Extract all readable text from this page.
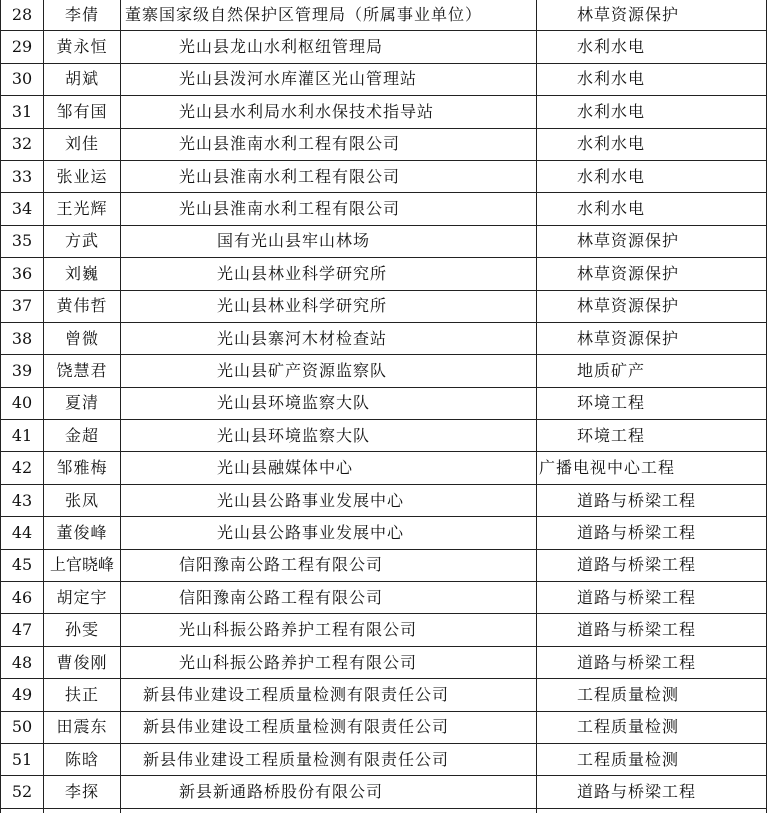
28	李倩	董寨国家级自然保护区管理局（所属事业单位）	林草资源保护
29	黄永恒	光山县龙山水利枢纽管理局	水利水电
30	胡斌	光山县泼河水库灌区光山管理站	水利水电
31	邹有国	光山县水利局水利水保技术指导站	水利水电
32	刘佳	光山县淮南水利工程有限公司	水利水电
33	张业运	光山县淮南水利工程有限公司	水利水电
34	王光辉	光山县淮南水利工程有限公司	水利水电
35	方武	国有光山县牢山林场	林草资源保护
36	刘巍	光山县林业科学研究所	林草资源保护
37	黄伟哲	光山县林业科学研究所	林草资源保护
38	曾微	光山县寨河木材检查站	林草资源保护
39	饶慧君	光山县矿产资源监察队	地质矿产
40	夏清	光山县环境监察大队	环境工程
41	金超	光山县环境监察大队	环境工程
42	邹雅梅	光山县融媒体中心	广播电视中心工程
43	张凤	光山县公路事业发展中心	道路与桥梁工程
44	董俊峰	光山县公路事业发展中心	道路与桥梁工程
45	上官晓峰	信阳豫南公路工程有限公司	道路与桥梁工程
46	胡定宇	信阳豫南公路工程有限公司	道路与桥梁工程
47	孙雯	光山科振公路养护工程有限公司	道路与桥梁工程
48	曹俊刚	光山科振公路养护工程有限公司	道路与桥梁工程
49	扶正	新县伟业建设工程质量检测有限责任公司	工程质量检测
50	田震东	新县伟业建设工程质量检测有限责任公司	工程质量检测
51	陈晗	新县伟业建设工程质量检测有限责任公司	工程质量检测
52	李探	新县新通路桥股份有限公司	道路与桥梁工程
